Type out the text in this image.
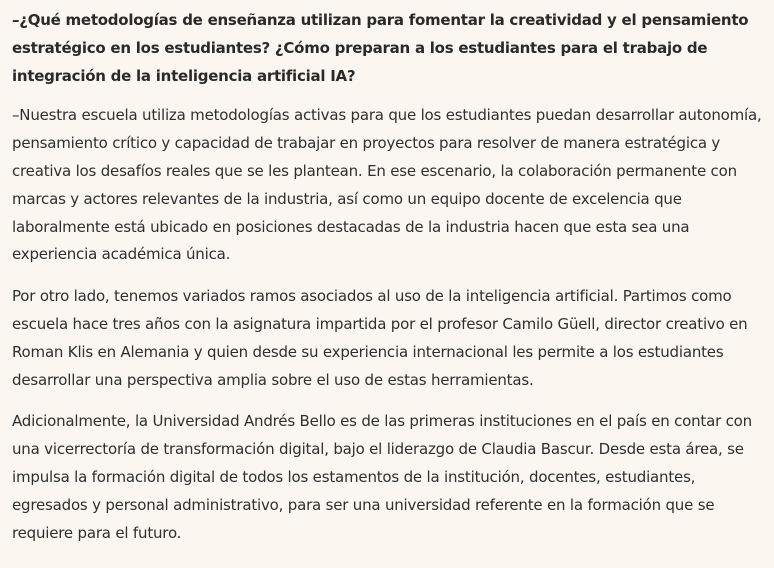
–¿Qué metodologías de enseñanza utilizan para fomentar la creatividad y el pensamiento estratégico en los estudiantes? ¿Cómo preparan a los estudiantes para el trabajo de integración de la inteligencia artificial IA?

–Nuestra escuela utiliza metodologías activas para que los estudiantes puedan desarrollar autonomía, pensamiento crítico y capacidad de trabajar en proyectos para resolver de manera estratégica y creativa los desafíos reales que se les plantean. En ese escenario, la colaboración permanente con marcas y actores relevantes de la industria, así como un equipo docente de excelencia que laboralmente está ubicado en posiciones destacadas de la industria hacen que esta sea una experiencia académica única.

Por otro lado, tenemos variados ramos asociados al uso de la inteligencia artificial. Partimos como escuela hace tres años con la asignatura impartida por el profesor Camilo Güell, director creativo en Roman Klis en Alemania y quien desde su experiencia internacional les permite a los estudiantes desarrollar una perspectiva amplia sobre el uso de estas herramientas.

Adicionalmente, la Universidad Andrés Bello es de las primeras instituciones en el país en contar con una vicerrectoría de transformación digital, bajo el liderazgo de Claudia Bascur. Desde esta área, se impulsa la formación digital de todos los estamentos de la institución, docentes, estudiantes, egresados y personal administrativo, para ser una universidad referente en la formación que se requiere para el futuro.
